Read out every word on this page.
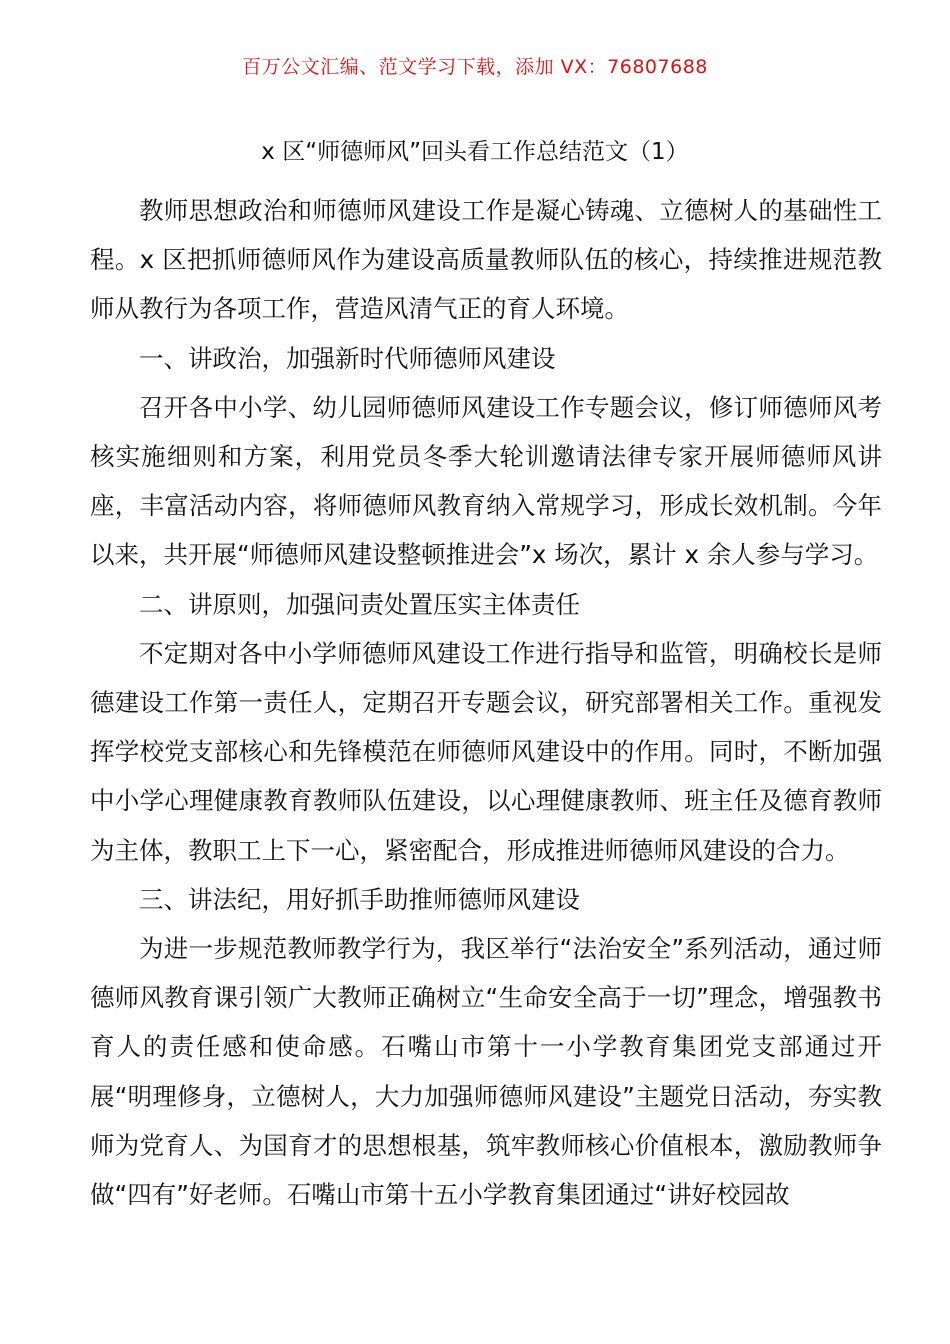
百万公文汇编、范文学习下载，添加 VX：76807688
x 区“师德师风”回头看工作总结范文（1）

教师思想政治和师德师风建设工作是凝心铸魂、立德树人的基础性工程。x 区把抓师德师风作为建设高质量教师队伍的核心，持续推进规范教师从教行为各项工作，营造风清气正的育人环境。

一、讲政治，加强新时代师德师风建设

召开各中小学、幼儿园师德师风建设工作专题会议，修订师德师风考核实施细则和方案，利用党员冬季大轮训邀请法律专家开展师德师风讲座，丰富活动内容，将师德师风教育纳入常规学习，形成长效机制。今年以来，共开展“师德师风建设整顿推进会”x 场次，累计 x 余人参与学习。

二、讲原则，加强问责处置压实主体责任

不定期对各中小学师德师风建设工作进行指导和监管，明确校长是师德建设工作第一责任人，定期召开专题会议，研究部署相关工作。重视发挥学校党支部核心和先锋模范在师德师风建设中的作用。同时，不断加强中小学心理健康教育教师队伍建设，以心理健康教师、班主任及德育教师为主体，教职工上下一心，紧密配合，形成推进师德师风建设的合力。

三、讲法纪，用好抓手助推师德师风建设

为进一步规范教师教学行为，我区举行“法治安全”系列活动，通过师德师风教育课引领广大教师正确树立“生命安全高于一切”理念，增强教书育人的责任感和使命感。石嘴山市第十一小学教育集团党支部通过开展“明理修身，立德树人，大力加强师德师风建设”主题党日活动，夯实教师为党育人、为国育才的思想根基，筑牢教师核心价值根本，激励教师争做“四有”好老师。石嘴山市第十五小学教育集团通过“讲好校园故
